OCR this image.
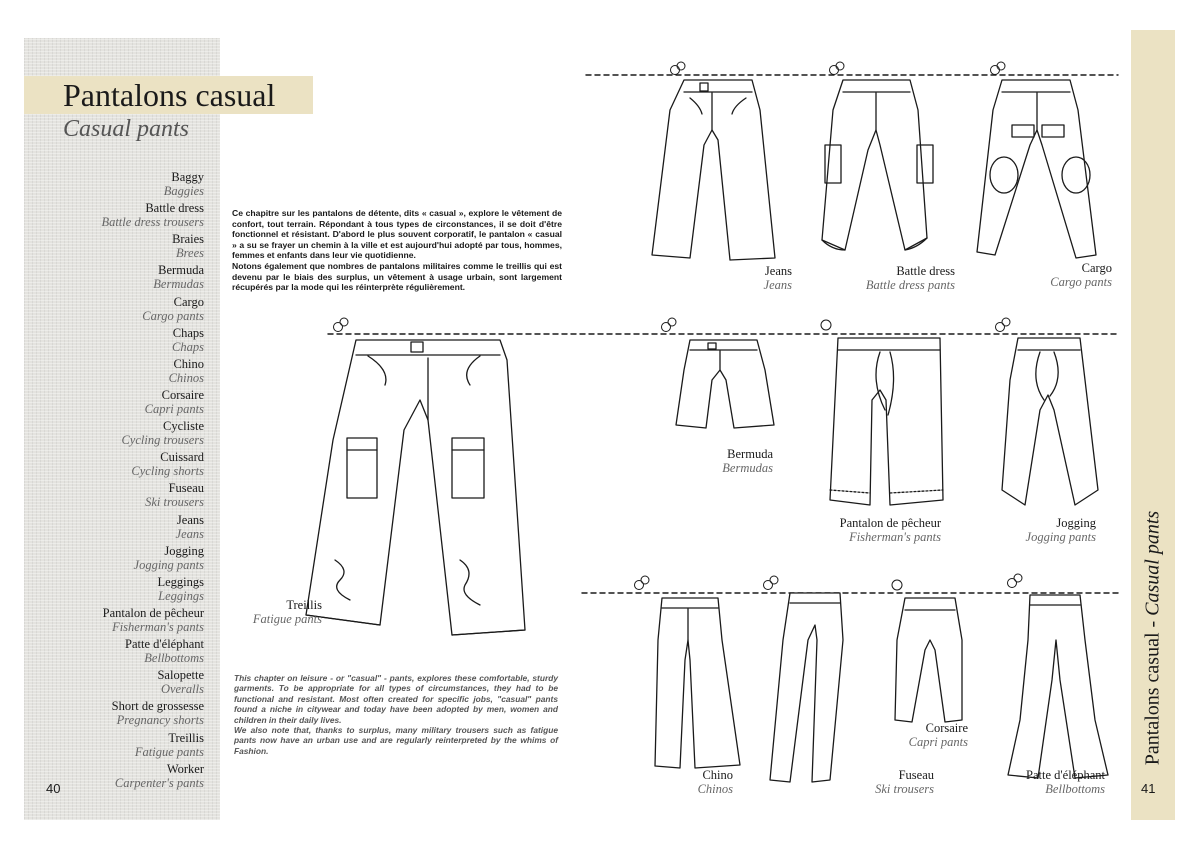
Pantalons casual
Casual pants
Baggy
Baggies
Battle dress
Battle dress trousers
Braies
Brees
Bermuda
Bermudas
Cargo
Cargo pants
Chaps
Chaps
Chino
Chinos
Corsaire
Capri pants
Cycliste
Cycling trousers
Cuissard
Cycling shorts
Fuseau
Ski trousers
Jeans
Jeans
Jogging
Jogging pants
Leggings
Leggings
Pantalon de pêcheur
Fisherman's pants
Patte d'éléphant
Bellbottoms
Salopette
Overalls
Short de grossesse
Pregnancy shorts
Treillis
Fatigue pants
Worker
Carpenter's pants
40

Ce chapitre sur les pantalons de détente, dits « casual », explore le vêtement de confort, tout terrain. Répondant à tous types de circonstances, il se doit d'être fonctionnel et résistant. D'abord le plus souvent corporatif, le pantalon « casual » a su se frayer un chemin à la ville et est aujourd'hui adopté par tous, hommes, femmes et enfants dans leur vie quotidienne.

Notons également que nombres de pantalons militaires comme le treillis qui est devenu par le biais des surplus, un vêtement à usage urbain, sont largement récupérés par la mode qui les réinterprète régulièrement.

This chapter on leisure - or "casual" - pants, explores these comfortable, sturdy garments. To be appropriate for all types of circumstances, they had to be functional and resistant. Most often created for specific jobs, "casual" pants found a niche in citywear and today have been adopted by men, women and children in their daily lives.

We also note that, thanks to surplus, many military trousers such as fatigue pants now have an urban use and are regularly reinterpreted by the whims of Fashion.	Pantalons casual - Casual pants
41
Treillis
Fatigue pants
Jeans
Jeans
Battle dress
Battle dress pants
Cargo
Cargo pants
Bermuda
Bermudas
Pantalon de pêcheur
Fisherman's pants
Jogging
Jogging pants
Chino
Chinos
Fuseau
Ski trousers
Corsaire
Capri pants
Patte d'éléphant
Bellbottoms
